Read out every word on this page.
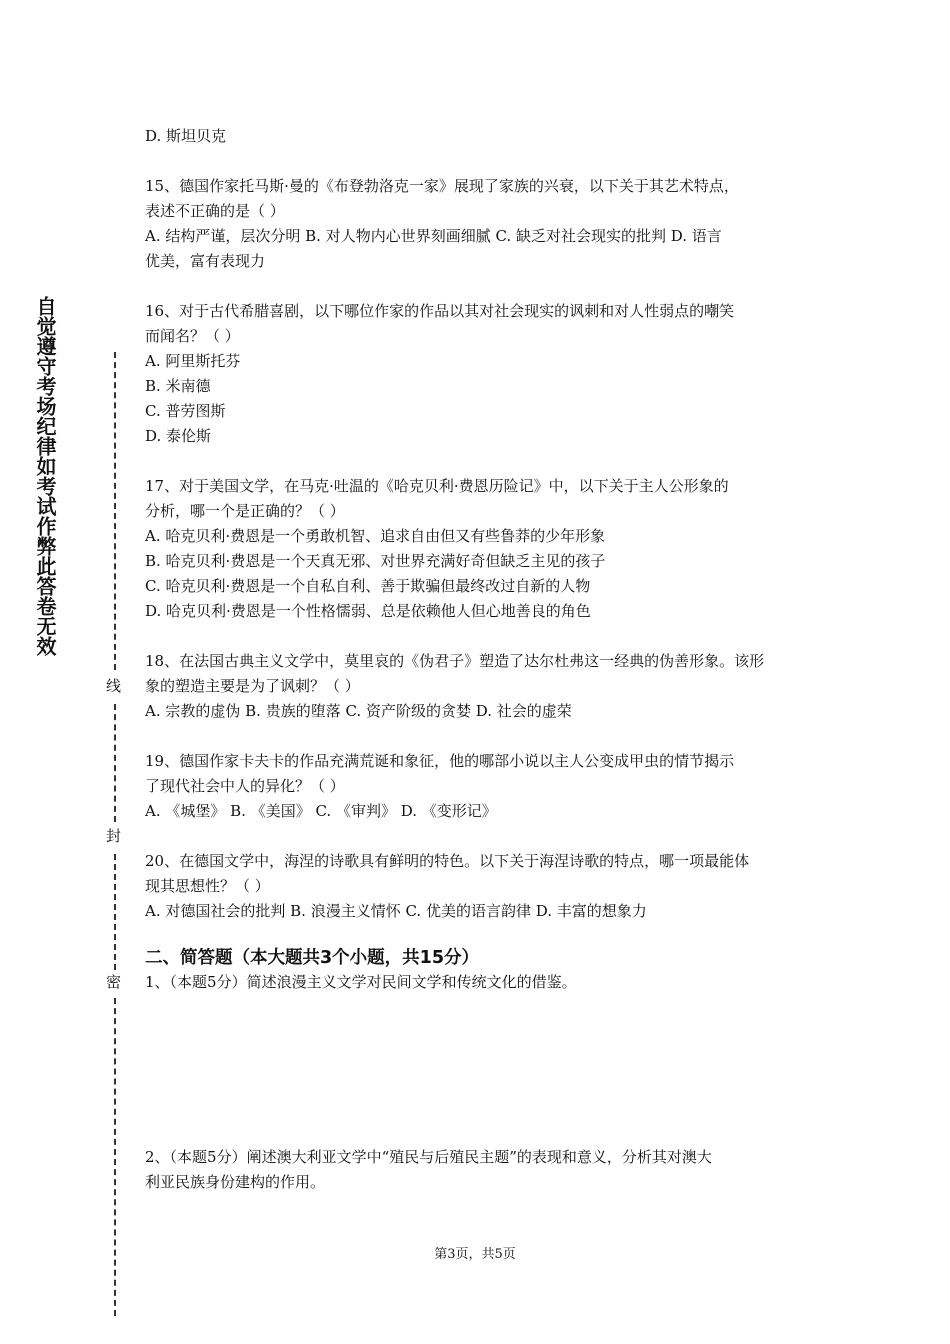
自觉遵守考场纪律如考试作弊此答卷无效
线
封
密
D. 斯坦贝克
15、德国作家托马斯·曼的《布登勃洛克一家》展现了家族的兴衰，以下关于其艺术特点，
表述不正确的是（ ）
A. 结构严谨，层次分明 B. 对人物内心世界刻画细腻 C. 缺乏对社会现实的批判 D. 语言
优美，富有表现力
16、对于古代希腊喜剧，以下哪位作家的作品以其对社会现实的讽刺和对人性弱点的嘲笑
而闻名？（ ）
A. 阿里斯托芬
B. 米南德
C. 普劳图斯
D. 泰伦斯
17、对于美国文学，在马克·吐温的《哈克贝利·费恩历险记》中，以下关于主人公形象的
分析，哪一个是正确的？（ ）
A. 哈克贝利·费恩是一个勇敢机智、追求自由但又有些鲁莽的少年形象
B. 哈克贝利·费恩是一个天真无邪、对世界充满好奇但缺乏主见的孩子
C. 哈克贝利·费恩是一个自私自利、善于欺骗但最终改过自新的人物
D. 哈克贝利·费恩是一个性格懦弱、总是依赖他人但心地善良的角色
18、在法国古典主义文学中，莫里哀的《伪君子》塑造了达尔杜弗这一经典的伪善形象。该形
象的塑造主要是为了讽刺？（ ）
A. 宗教的虚伪 B. 贵族的堕落 C. 资产阶级的贪婪 D. 社会的虚荣
19、德国作家卡夫卡的作品充满荒诞和象征，他的哪部小说以主人公变成甲虫的情节揭示
了现代社会中人的异化？（ ）
A. 《城堡》 B. 《美国》 C. 《审判》 D. 《变形记》
20、在德国文学中，海涅的诗歌具有鲜明的特色。以下关于海涅诗歌的特点，哪一项最能体
现其思想性？（ ）
A. 对德国社会的批判 B. 浪漫主义情怀 C. 优美的语言韵律 D. 丰富的想象力
二、简答题（本大题共3个小题，共15分）
1、（本题5分）简述浪漫主义文学对民间文学和传统文化的借鉴。
2、（本题5分）阐述澳大利亚文学中“殖民与后殖民主题”的表现和意义，分析其对澳大
利亚民族身份建构的作用。
第3页，共5页
